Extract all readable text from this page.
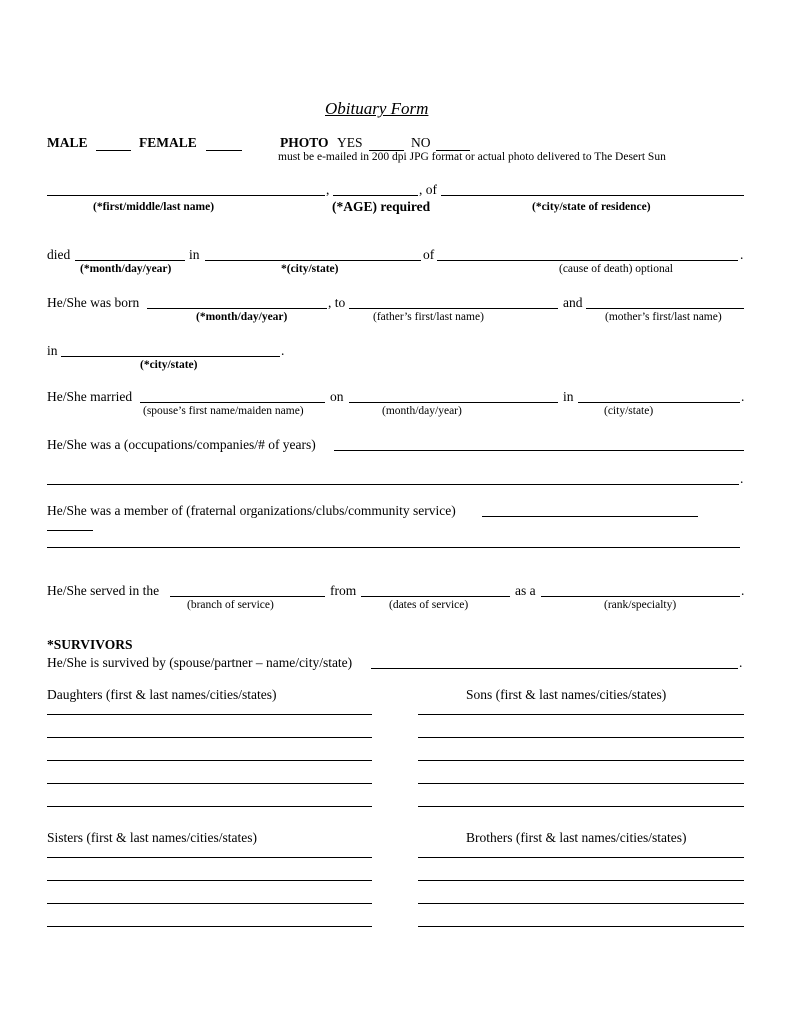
Obituary Form
MALE	FEMALE	PHOTO YES	NO
must be e-mailed in 200 dpi JPG format or actual photo delivered to The Desert Sun
,	, of
(*first/middle/last name)	(*AGE) required	(*city/state of residence)
died	in	of	.
(*month/day/year)	*(city/state)	(cause of death) optional
He/She was born	, to	and
(*month/day/year)	(father’s first/last name)	(mother’s first/last name)
in	.
(*city/state)
He/She married	on	in	.
(spouse’s first name/maiden name)	(month/day/year)	(city/state)
He/She was a (occupations/companies/# of years)
.
He/She was a member of (fraternal organizations/clubs/community service)
He/She served in the	from	as a	.
(branch of service)	(dates of service)	(rank/specialty)
*SURVIVORS
He/She is survived by (spouse/partner – name/city/state)	.
Daughters (first & last names/cities/states)	Sons (first & last names/cities/states)
Sisters (first & last names/cities/states)	Brothers (first & last names/cities/states)
